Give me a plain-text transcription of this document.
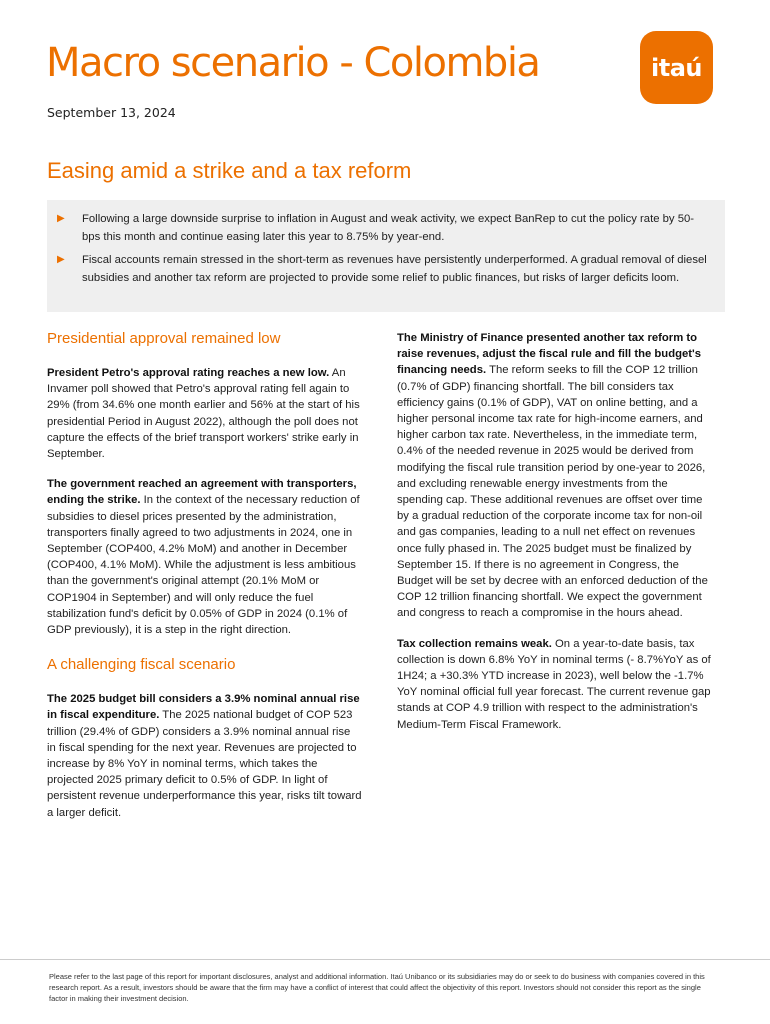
Macro scenario - Colombia
September 13, 2024
itaú
Easing amid a strike and a tax reform
▶	Following a large downside surprise to inflation in August and weak activity, we expect BanRep to cut the policy rate by 50-bps this month and continue easing later this year to 8.75% by year-end.
▶	Fiscal accounts remain stressed in the short-term as revenues have persistently underperformed. A gradual removal of diesel subsidies and another tax reform are projected to provide some relief to public finances, but risks of larger deficits loom.
Presidential approval remained low

President Petro's approval rating reaches a new low. An Invamer poll showed that Petro's approval rating fell again to 29% (from 34.6% one month earlier and 56% at the start of his presidential Period in August 2022), although the poll does not capture the effects of the brief transport workers' strike early in September.

The government reached an agreement with transporters, ending the strike. In the context of the necessary reduction of subsidies to diesel prices presented by the administration, transporters finally agreed to two adjustments in 2024, one in September (COP400, 4.2% MoM) and another in December (COP400, 4.1% MoM). While the adjustment is less ambitious than the government's original attempt (20.1% MoM or COP1904 in September) and will only reduce the fuel stabilization fund's deficit by 0.05% of GDP in 2024 (0.1% of GDP previously), it is a step in the right direction.

A challenging fiscal scenario

The 2025 budget bill considers a 3.9% nominal annual rise in fiscal expenditure. The 2025 national budget of COP 523 trillion (29.4% of GDP) considers a 3.9% nominal annual rise in fiscal spending for the next year. Revenues are projected to increase by 8% YoY in nominal terms, which takes the projected 2025 primary deficit to 0.5% of GDP. In light of persistent revenue underperformance this year, risks tilt toward a larger deficit.

The Ministry of Finance presented another tax reform to raise revenues, adjust the fiscal rule and fill the budget's financing needs. The reform seeks to fill the COP 12 trillion (0.7% of GDP) financing shortfall. The bill considers tax efficiency gains (0.1% of GDP), VAT on online betting, and a higher personal income tax rate for high-income earners, and higher carbon tax rate. Nevertheless, in the immediate term, 0.4% of the needed revenue in 2025 would be derived from modifying the fiscal rule transition period by one-year to 2026, and excluding renewable energy investments from the spending cap. These additional revenues are offset over time by a gradual reduction of the corporate income tax for non-oil and gas companies, leading to a null net effect on revenues once fully phased in. The 2025 budget must be finalized by September 15. If there is no agreement in Congress, the Budget will be set by decree with an enforced deduction of the COP 12 trillion financing shortfall. We expect the government and congress to reach a compromise in the hours ahead.

Tax collection remains weak. On a year-to-date basis, tax collection is down 6.8% YoY in nominal terms (- 8.7%YoY as of 1H24; a +30.3% YTD increase in 2023), well below the -1.7% YoY nominal official full year forecast. The current revenue gap stands at COP 4.9 trillion with respect to the administration's Medium-Term Fiscal Framework.

Please refer to the last page of this report for important disclosures, analyst and additional information. Itaú Unibanco or its subsidiaries may do or seek to do business with companies covered in this research report. As a result, investors should be aware that the firm may have a conflict of interest that could affect the objectivity of this report. Investors should not consider this report as the single factor in making their investment decision.
